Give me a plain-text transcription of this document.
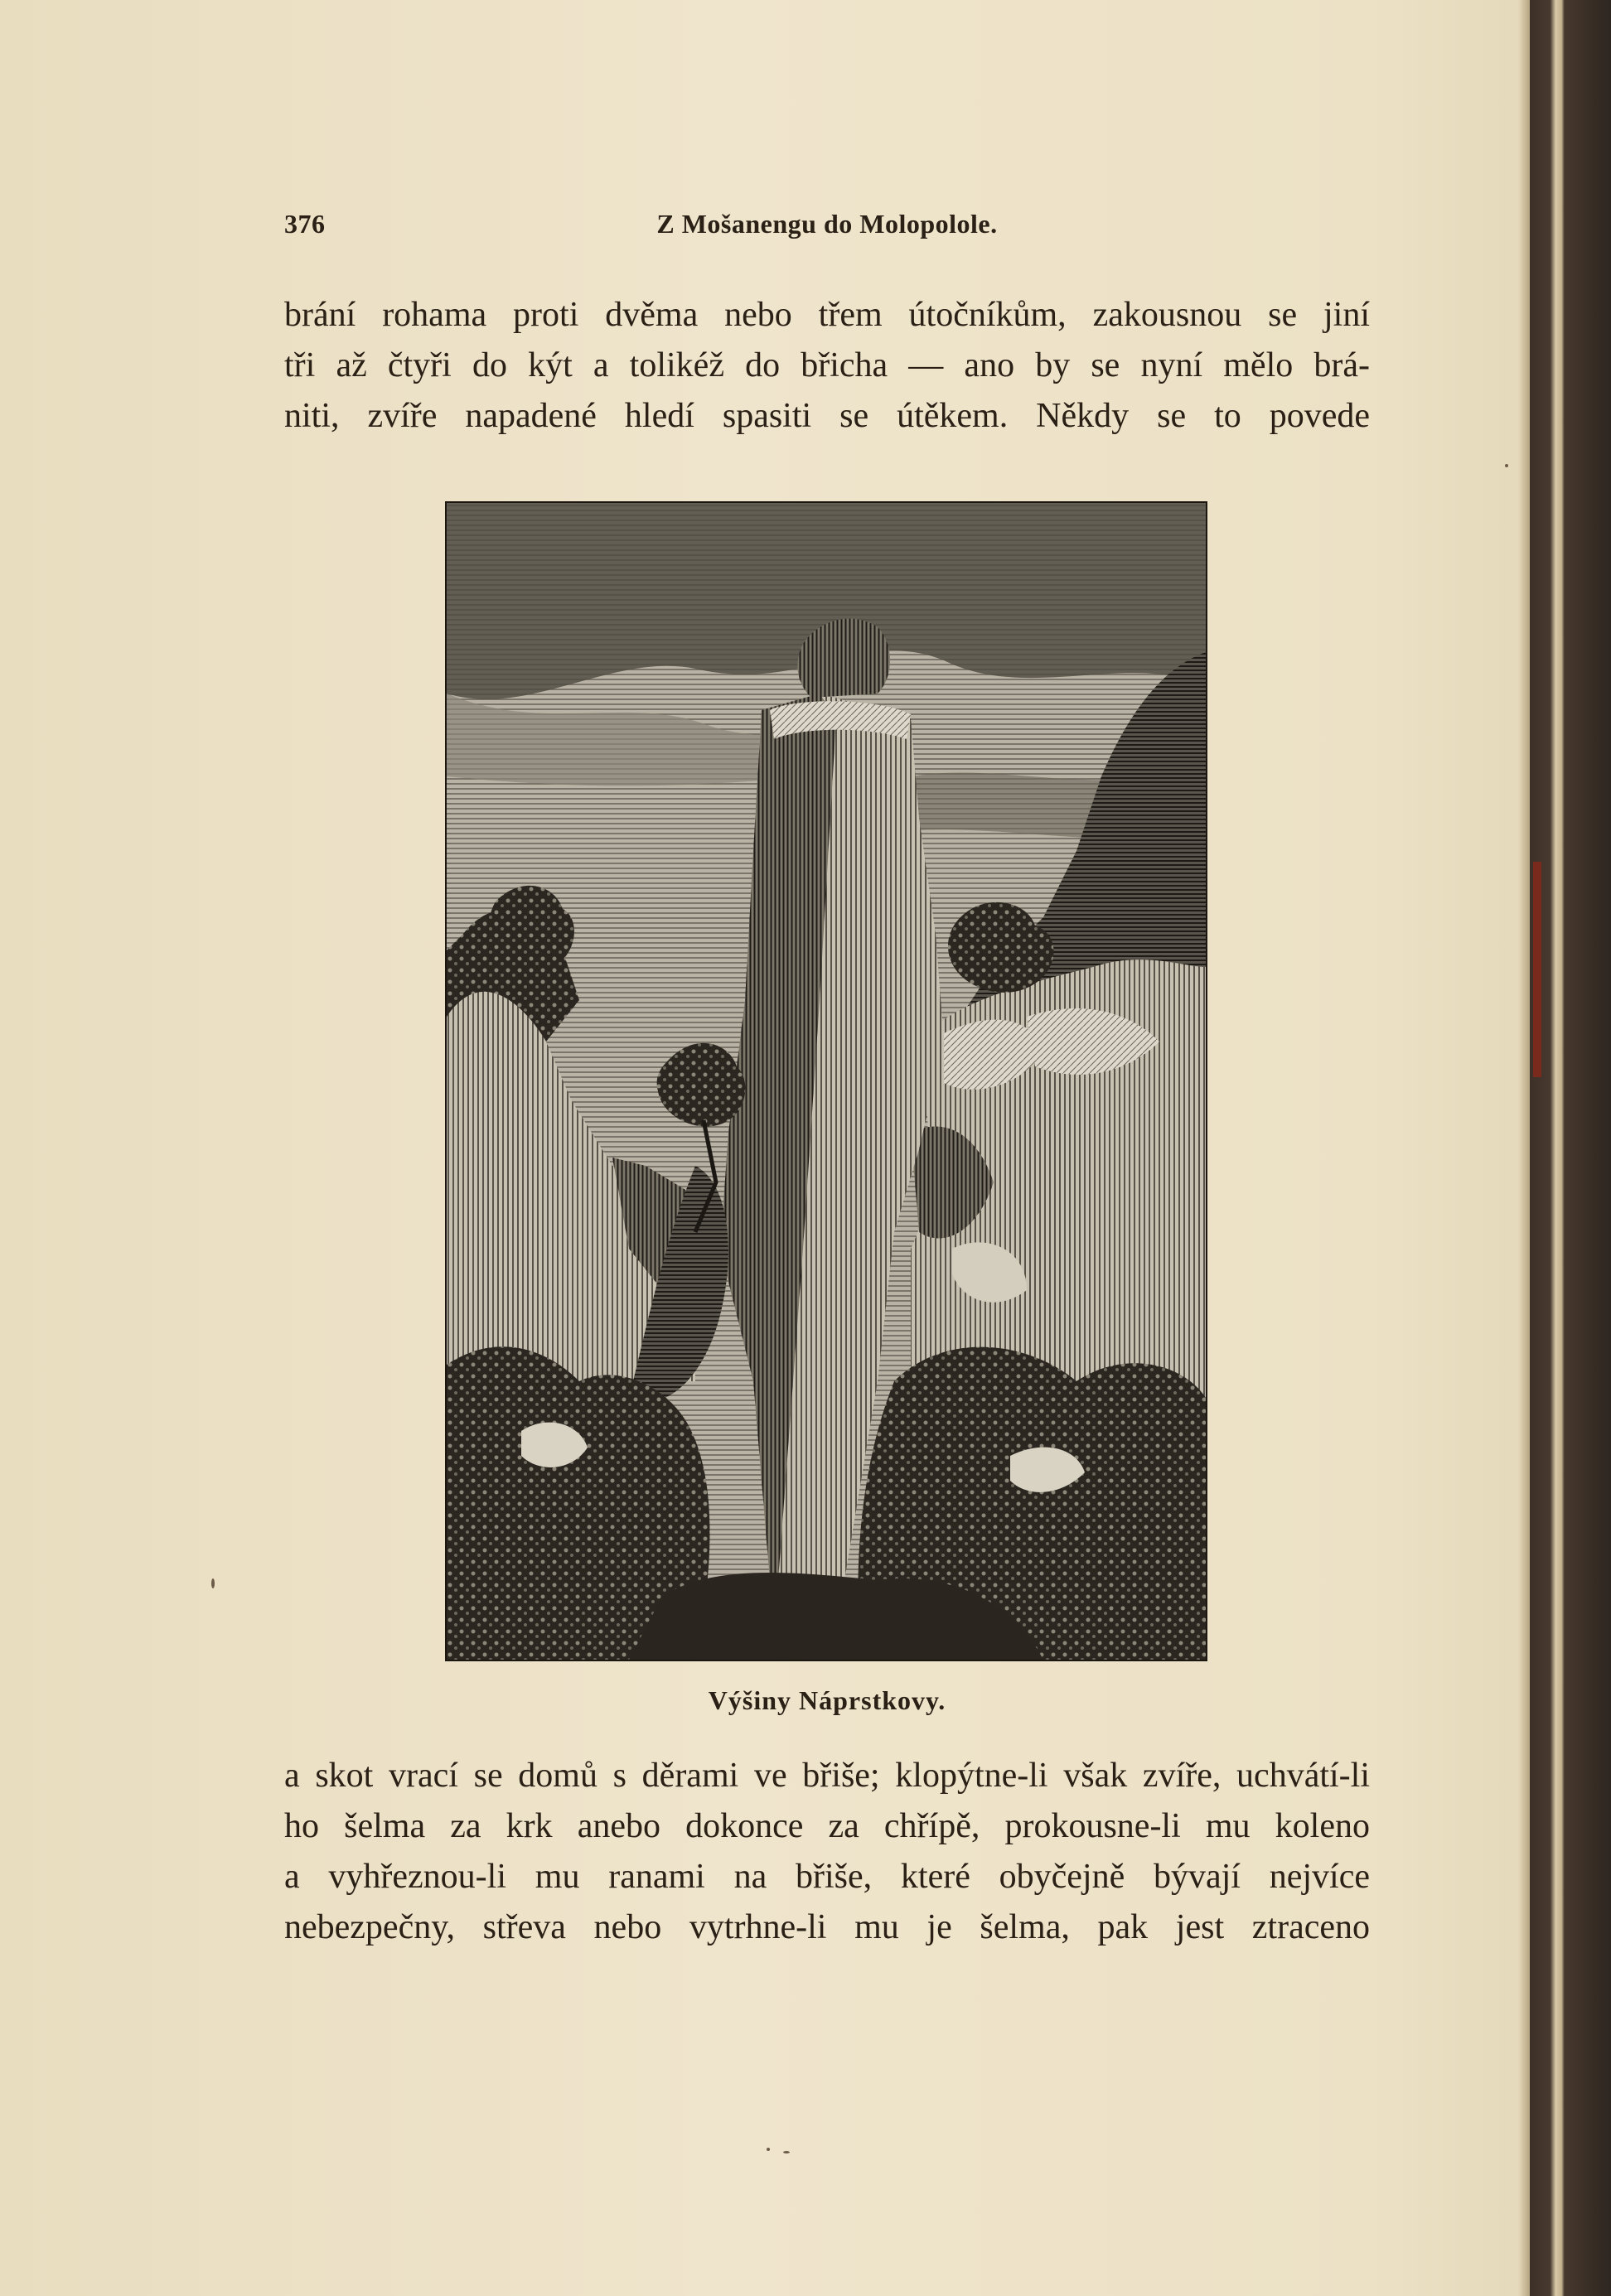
376	Z Mošanengu do Molopolole.
brání rohama proti dvěma nebo třem útočníkům, zakousnou se jiní
tři až čtyři do kýt a tolikéž do břicha — ano by se nyní mělo brá-
niti, zvíře napadené hledí spasiti se útěkem. Někdy se to povede
Výšiny Náprstkovy.
a skot vrací se domů s děrami ve břiše; klopýtne-li však zvíře, uchvátí-li
ho šelma za krk anebo dokonce za chřípě, prokousne-li mu koleno
a vyhřeznou-li mu ranami na břiše, které obyčejně bývají nejvíce
nebezpečny, střeva nebo vytrhne-li mu je šelma, pak jest ztraceno
